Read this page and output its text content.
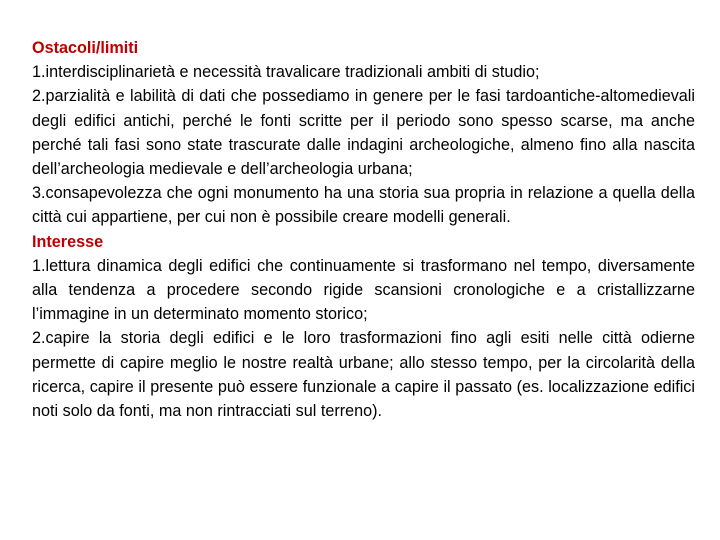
Ostacoli/limiti
1.interdisciplinarietà e necessità travalicare tradizionali ambiti di studio;
2.parzialità e labilità di dati che possediamo in genere per le fasi tardoantiche-altomedievali degli edifici antichi, perché le fonti scritte per il periodo sono spesso scarse, ma anche perché tali fasi sono state trascurate dalle indagini archeologiche, almeno fino alla nascita dell’archeologia medievale e dell’archeologia urbana;
3.consapevolezza che ogni monumento ha una storia sua propria in relazione a quella della città cui appartiene, per cui non è possibile creare modelli generali.
Interesse
1.lettura dinamica degli edifici che continuamente si trasformano nel tempo, diversamente alla tendenza a procedere secondo rigide scansioni cronologiche e a cristallizzarne l’immagine in un determinato momento storico;
2.capire la storia degli edifici e le loro trasformazioni fino agli esiti nelle città odierne permette di capire meglio le nostre realtà urbane; allo stesso tempo, per la circolarità della ricerca, capire il presente può essere funzionale a capire il passato (es. localizzazione edifici noti solo da fonti, ma non rintracciati sul terreno).
